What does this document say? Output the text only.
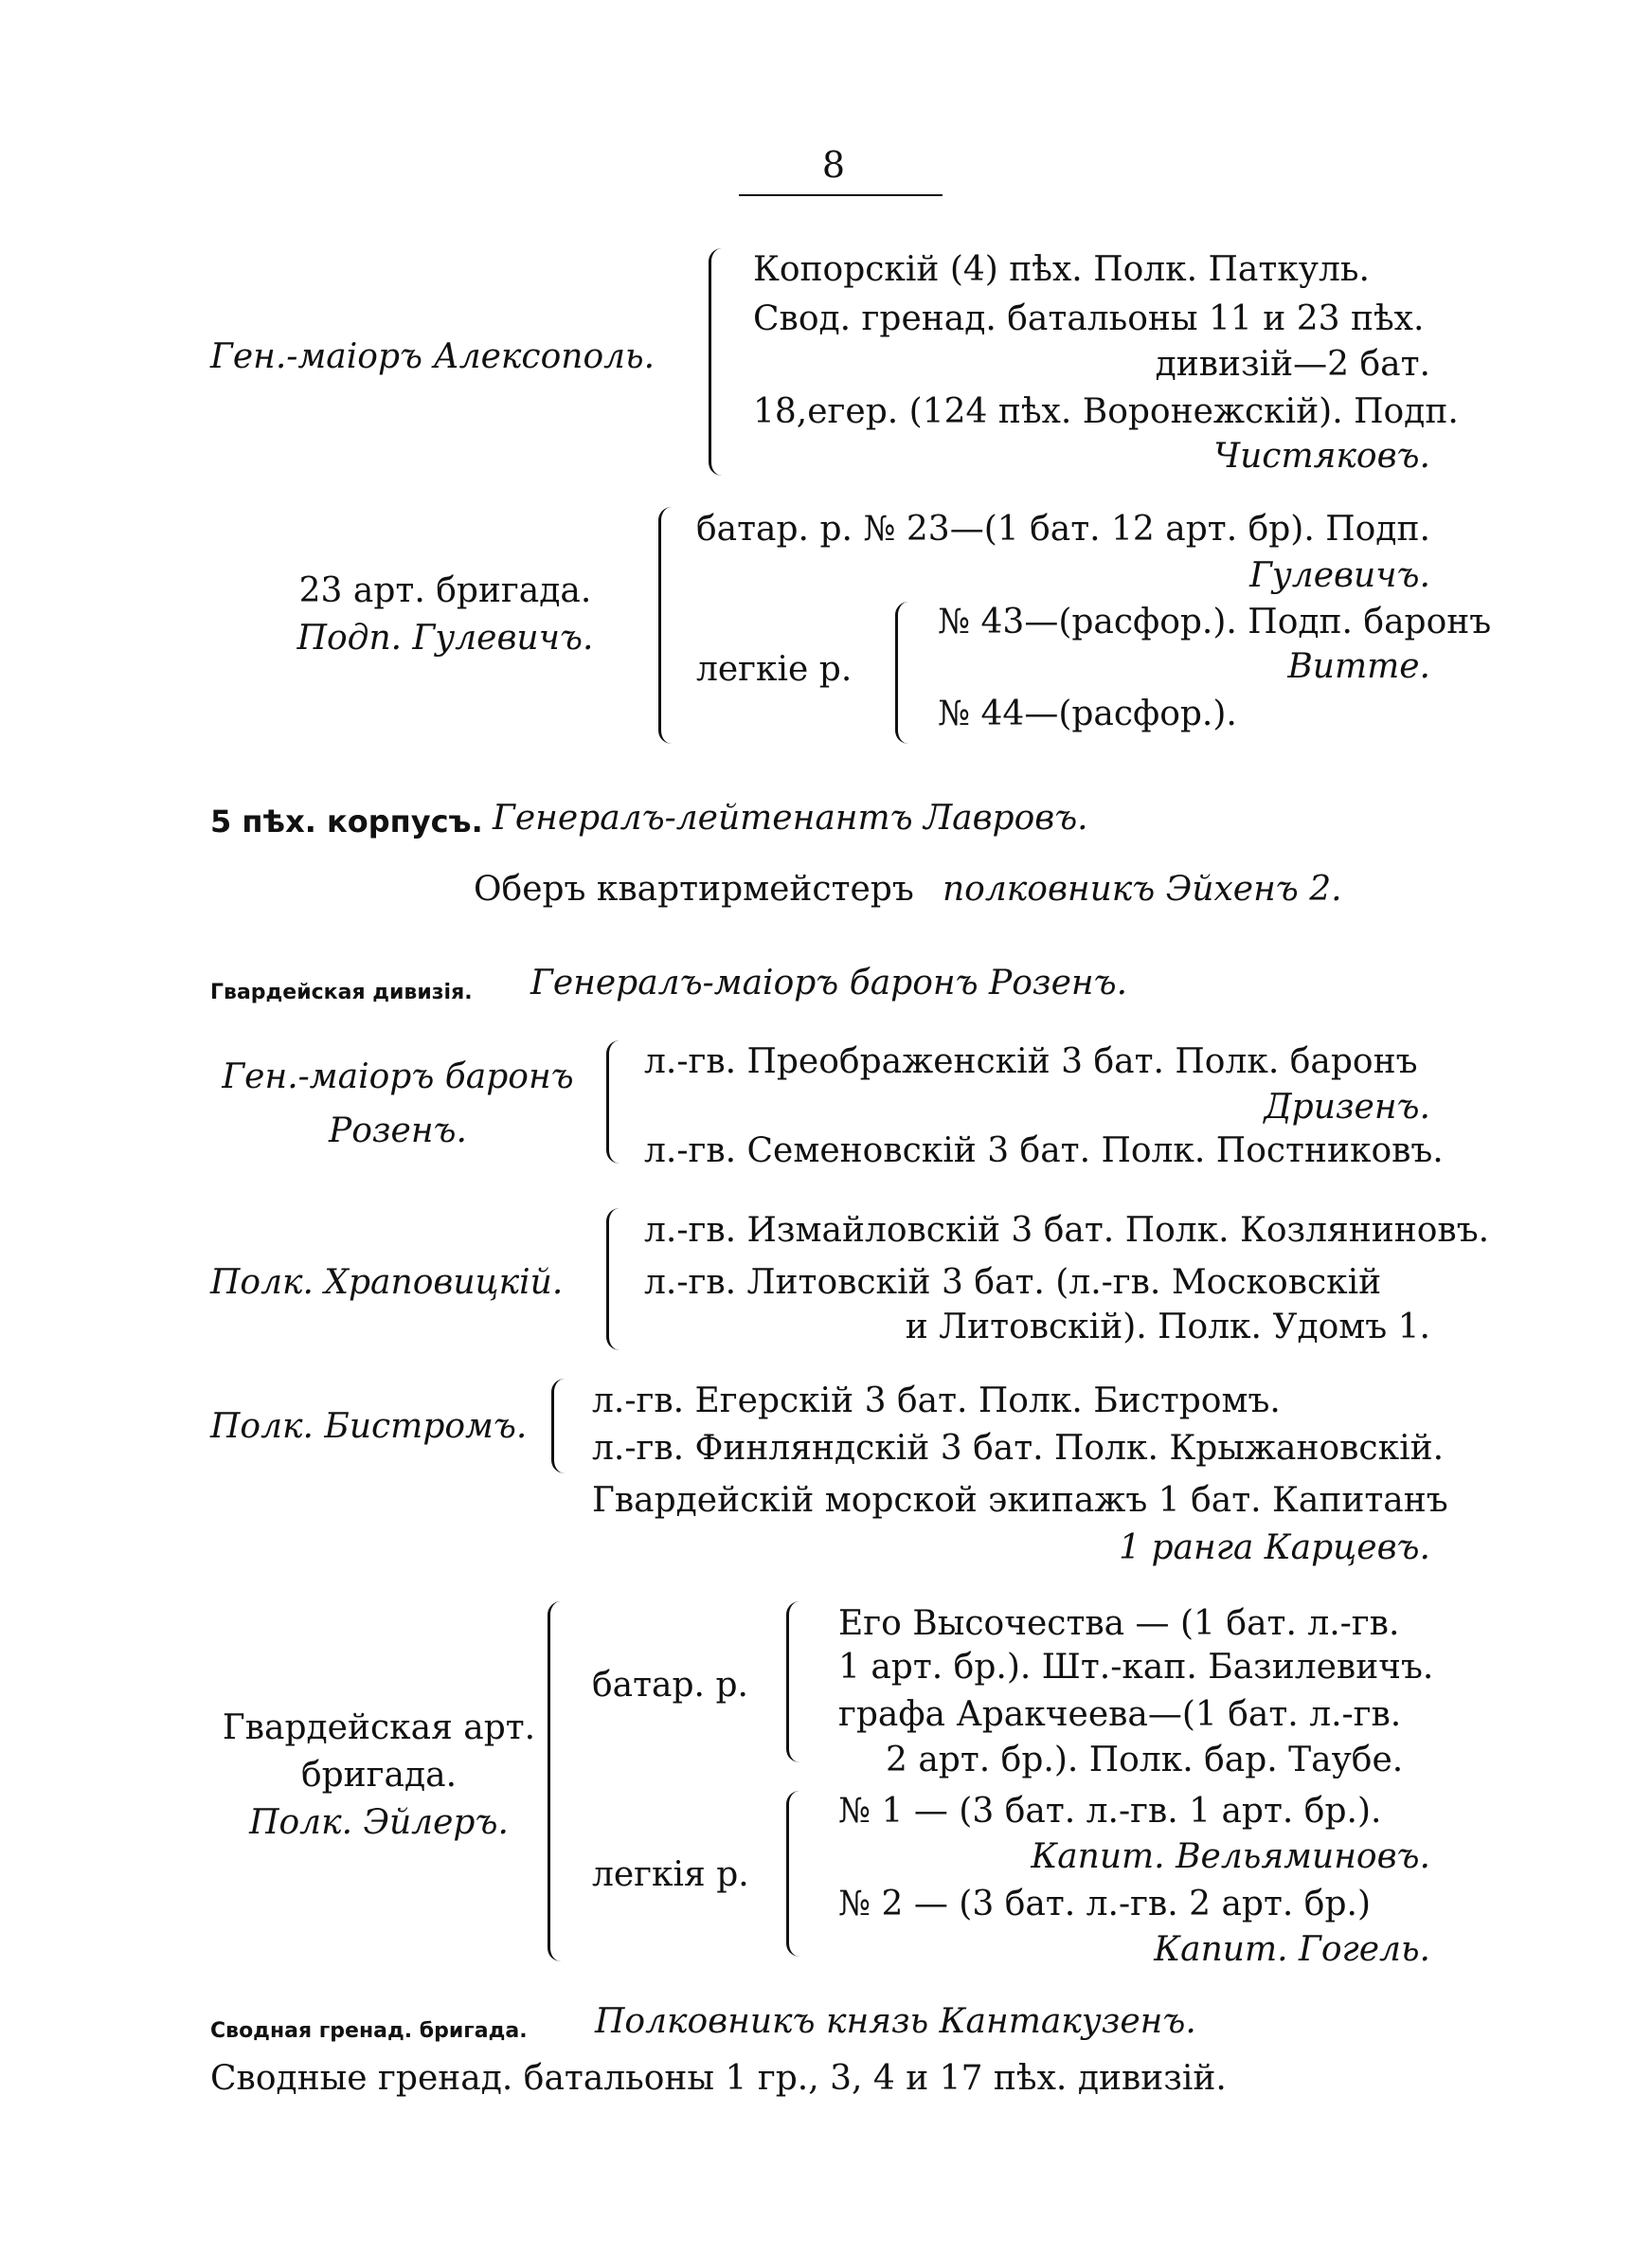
8
Ген.-маіоръ Алексополь.
Копорскій (4) пѣх. Полк. Паткуль.
Свод. гренад. батальоны 11 и 23 пѣх.
дивизій—2 бат.
18,егер. (124 пѣх. Воронежскій). Подп.
Чистяковъ.
23 арт. бригада.
Подп. Гулевичъ.
батар. р. № 23—(1 бат. 12 арт. бр). Подп.
Гулевичъ.
легкіе р.
№ 43—(расфор.). Подп. баронъ
Витте.
№ 44—(расфор.).
5 пѣх. корпусъ. Генералъ-лейтенантъ Лавровъ.
Оберъ квартирмейстеръ полковникъ Эйхенъ 2.
Гвардейская дивизія. Генералъ-маіоръ баронъ Розенъ.
Ген.-маіоръ баронъ
Розенъ.
л.-гв. Преображенскій 3 бат. Полк. баронъ
Дризенъ.
л.-гв. Семеновскій 3 бат. Полк. Постниковъ.
Полк. Храповицкій.
л.-гв. Измайловскій 3 бат. Полк. Козляниновъ.
л.-гв. Литовскій 3 бат. (л.-гв. Московскій
и Литовскій). Полк. Удомъ 1.
Полк. Бистромъ.
л.-гв. Егерскій 3 бат. Полк. Бистромъ.
л.-гв. Финляндскій 3 бат. Полк. Крыжановскій.
Гвардейскій морской экипажъ 1 бат. Капитанъ
1 ранга Карцевъ.
Гвардейская арт.
бригада.
Полк. Эйлеръ.
батар. р.
Его Высочества — (1 бат. л.-гв.
1 арт. бр.). Шт.-кап. Базилевичъ.
графа Аракчеева—(1 бат. л.-гв.
2 арт. бр.). Полк. бар. Таубе.
легкія р.
№ 1 — (3 бат. л.-гв. 1 арт. бр.).
Капит. Вельяминовъ.
№ 2 — (3 бат. л.-гв. 2 арт. бр.)
Капит. Гогель.
Сводная гренад. бригада. Полковникъ князь Кантакузенъ.
Сводные гренад. батальоны 1 гр., 3, 4 и 17 пѣх. дивизій.
